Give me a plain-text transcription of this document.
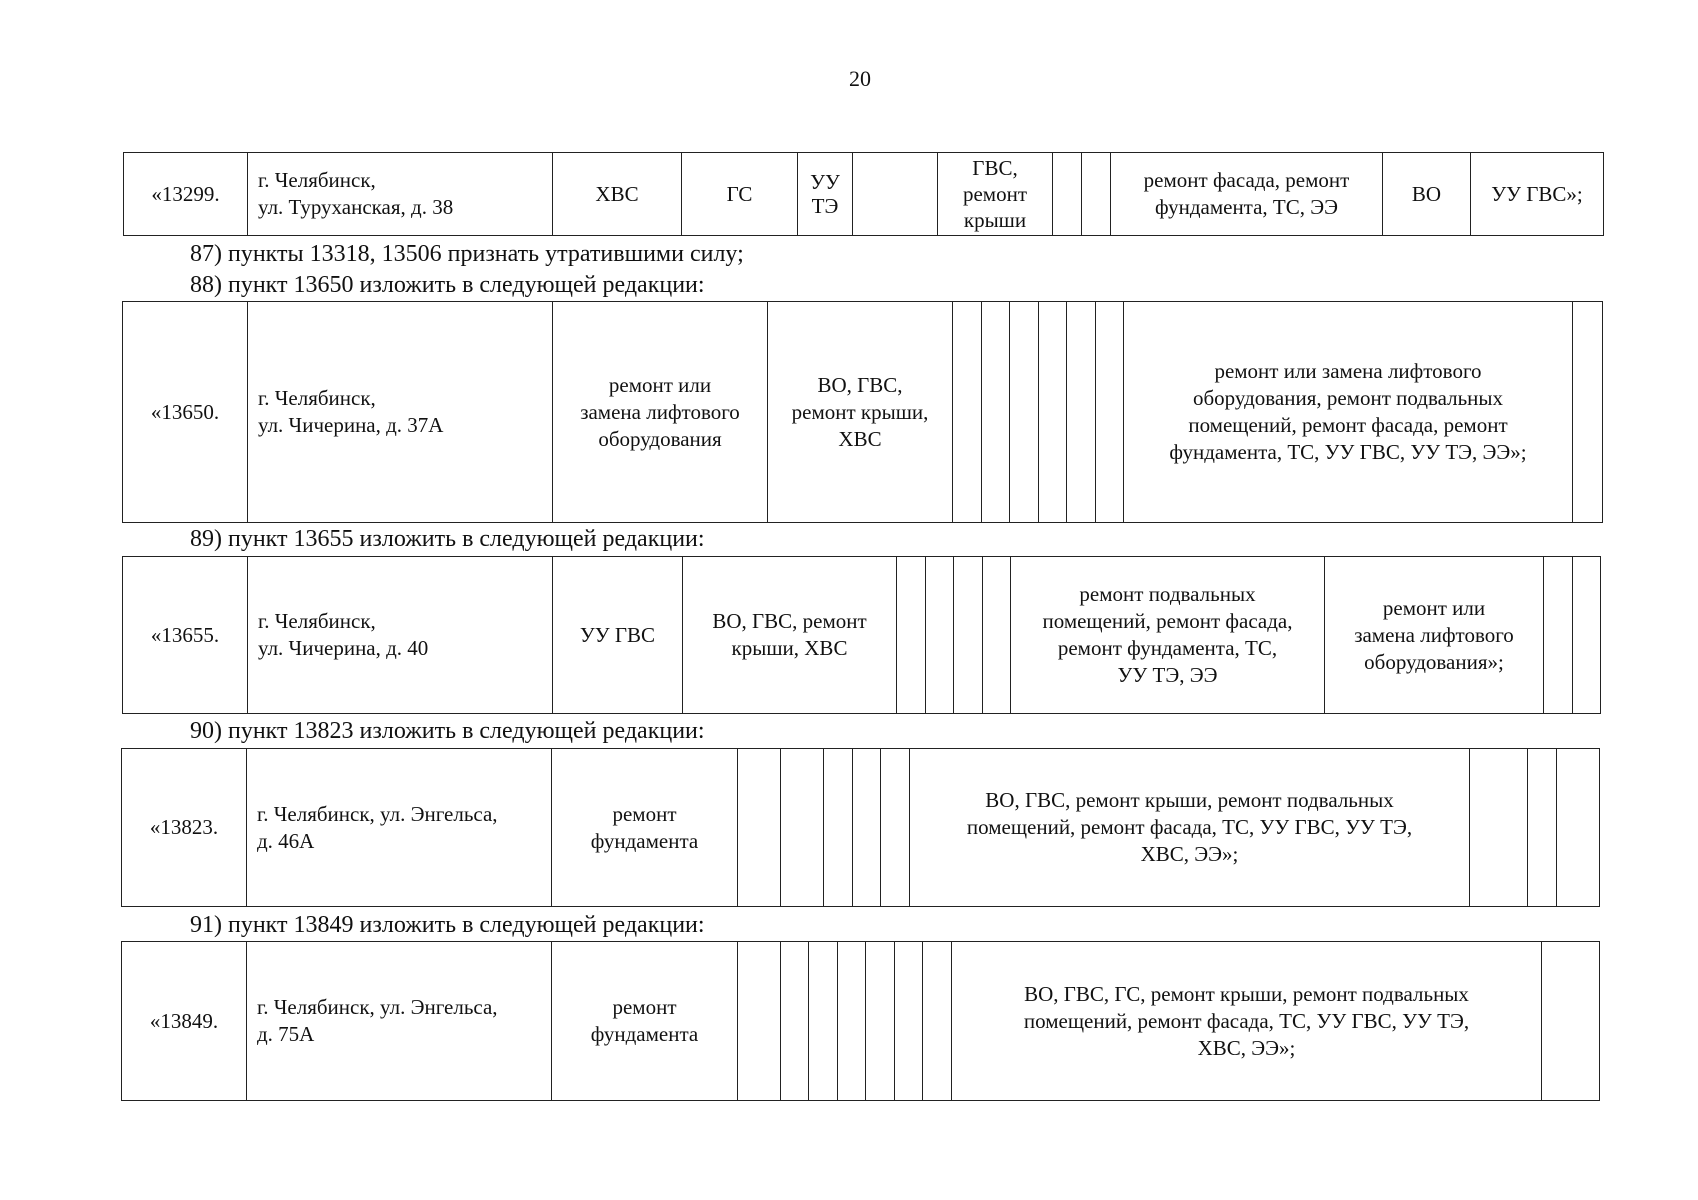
20
«13299.	г. Челябинск,
ул. Туруханская, д. 38	ХВС	ГС	УУ
ТЭ		ГВС,
ремонт
крыши			ремонт фасада, ремонт
фундамента, ТС, ЭЭ	ВО	УУ ГВС»;
87) пункты 13318, 13506 признать утратившими силу;
88) пункт 13650 изложить в следующей редакции:
«13650.	г. Челябинск,
ул. Чичерина, д. 37А	ремонт или
замена лифтового
оборудования	ВО, ГВС,
ремонт крыши,
ХВС							ремонт или замена лифтового
оборудования, ремонт подвальных
помещений, ремонт фасада, ремонт
фундамента, ТС, УУ ГВС, УУ ТЭ, ЭЭ»;	
89) пункт 13655 изложить в следующей редакции:
«13655.	г. Челябинск,
ул. Чичерина, д. 40	УУ ГВС	ВО, ГВС, ремонт
крыши, ХВС					ремонт подвальных
помещений, ремонт фасада,
ремонт фундамента, ТС,
УУ ТЭ, ЭЭ	ремонт или
замена лифтового
оборудования»;		
90) пункт 13823 изложить в следующей редакции:
«13823.	г. Челябинск, ул. Энгельса,
д. 46А	ремонт
фундамента						ВО, ГВС, ремонт крыши, ремонт подвальных
помещений, ремонт фасада, ТС, УУ ГВС, УУ ТЭ,
ХВС, ЭЭ»;			
91) пункт 13849 изложить в следующей редакции:
«13849.	г. Челябинск, ул. Энгельса,
д. 75А	ремонт
фундамента								ВО, ГВС, ГС, ремонт крыши, ремонт подвальных
помещений, ремонт фасада, ТС, УУ ГВС, УУ ТЭ,
ХВС, ЭЭ»;	
